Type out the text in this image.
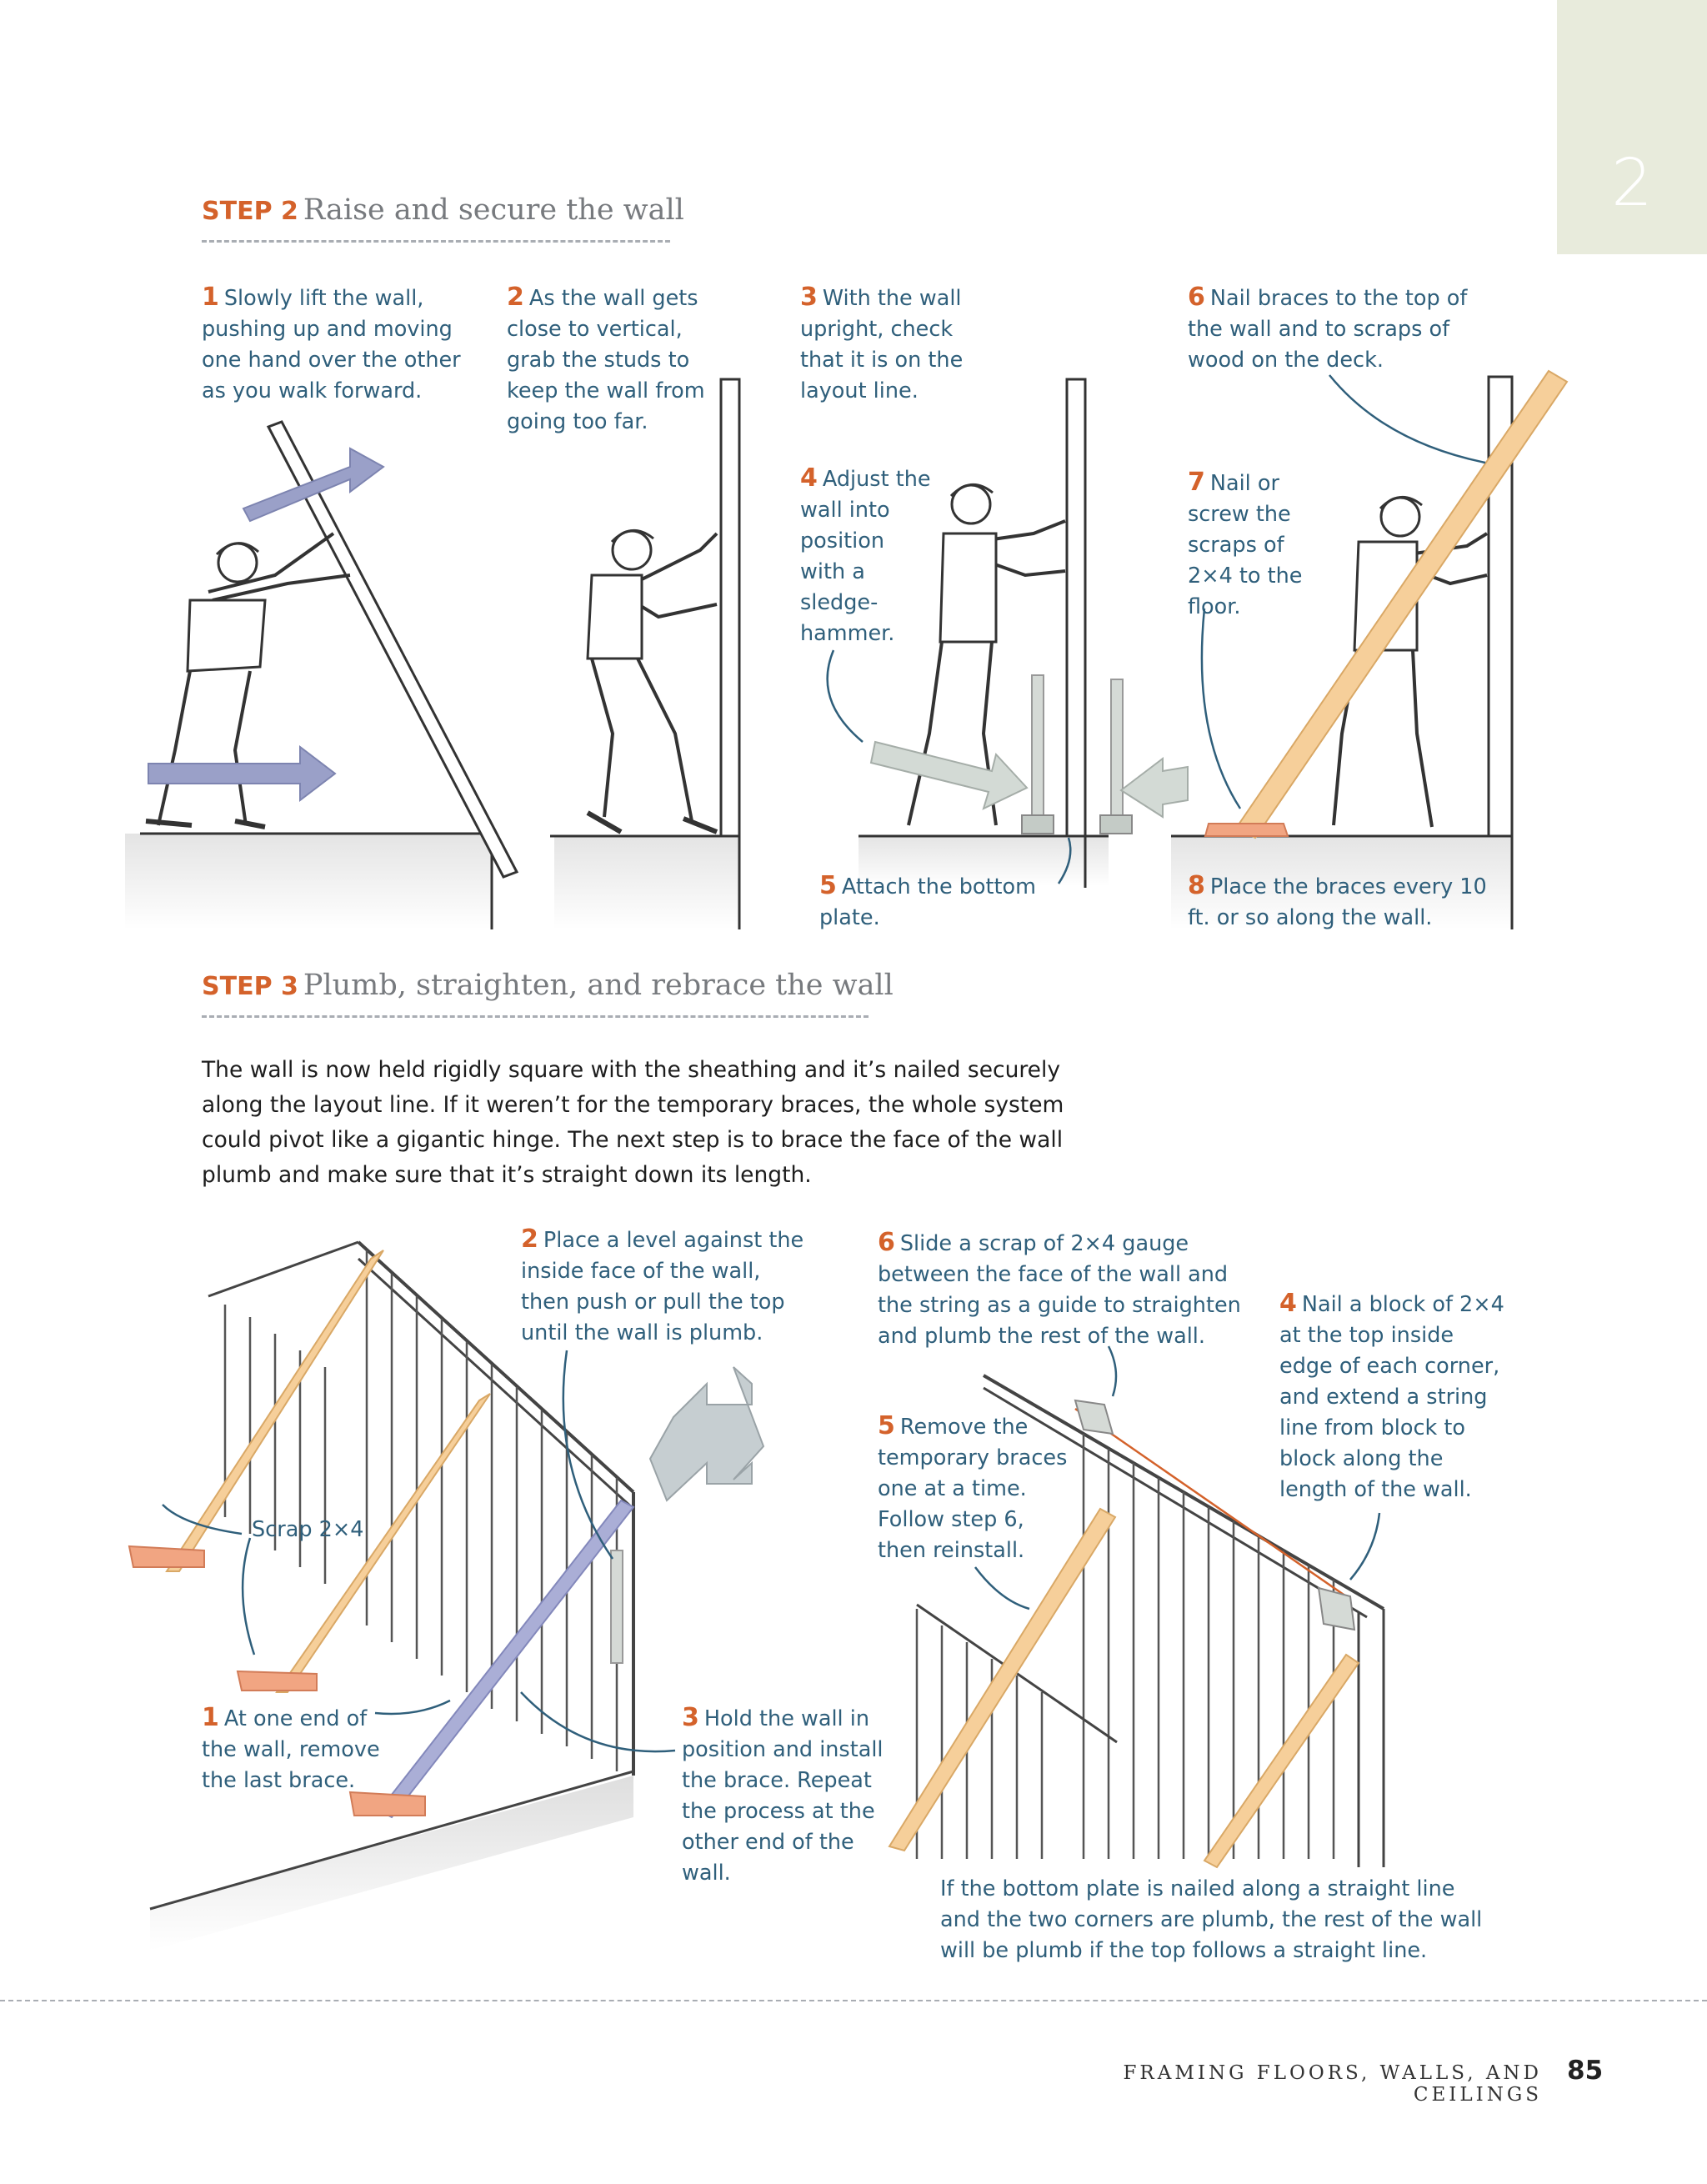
2
STEP 2 Raise and secure the wall
1 Slowly lift the wall, pushing up and moving one hand over the other as you walk forward.
2 As the wall gets close to vertical, grab the studs to keep the wall from going too far.
3 With the wall upright, check that it is on the layout line.
4 Adjust the wall into position with a sledge-hammer.
5 Attach the bottom plate.
6 Nail braces to the top of the wall and to scraps of wood on the deck.
7 Nail or screw the scraps of 2×4 to the floor.
8 Place the braces every 10 ft. or so along the wall.
STEP 3 Plumb, straighten, and rebrace the wall
The wall is now held rigidly square with the sheathing and it’s nailed securely along the layout line. If it weren’t for the temporary braces, the whole system could pivot like a gigantic hinge. The next step is to brace the face of the wall plumb and make sure that it’s straight down its length.
1 At one end of the wall, remove the last brace.
2 Place a level against the inside face of the wall, then push or pull the top until the wall is plumb.
3 Hold the wall in position and install the brace. Repeat the process at the other end of the wall.
4 Nail a block of 2×4 at the top inside edge of each corner, and extend a string line from block to block along the length of the wall.
5 Remove the temporary braces one at a time. Follow step 6, then reinstall.
6 Slide a scrap of 2×4 gauge between the face of the wall and the string as a guide to straighten and plumb the rest of the wall.
Scrap 2×4
If the bottom plate is nailed along a straight line and the two corners are plumb, the rest of the wall will be plumb if the top follows a straight line.
FRAMING FLOORS, WALLS, AND CEILINGS
85
